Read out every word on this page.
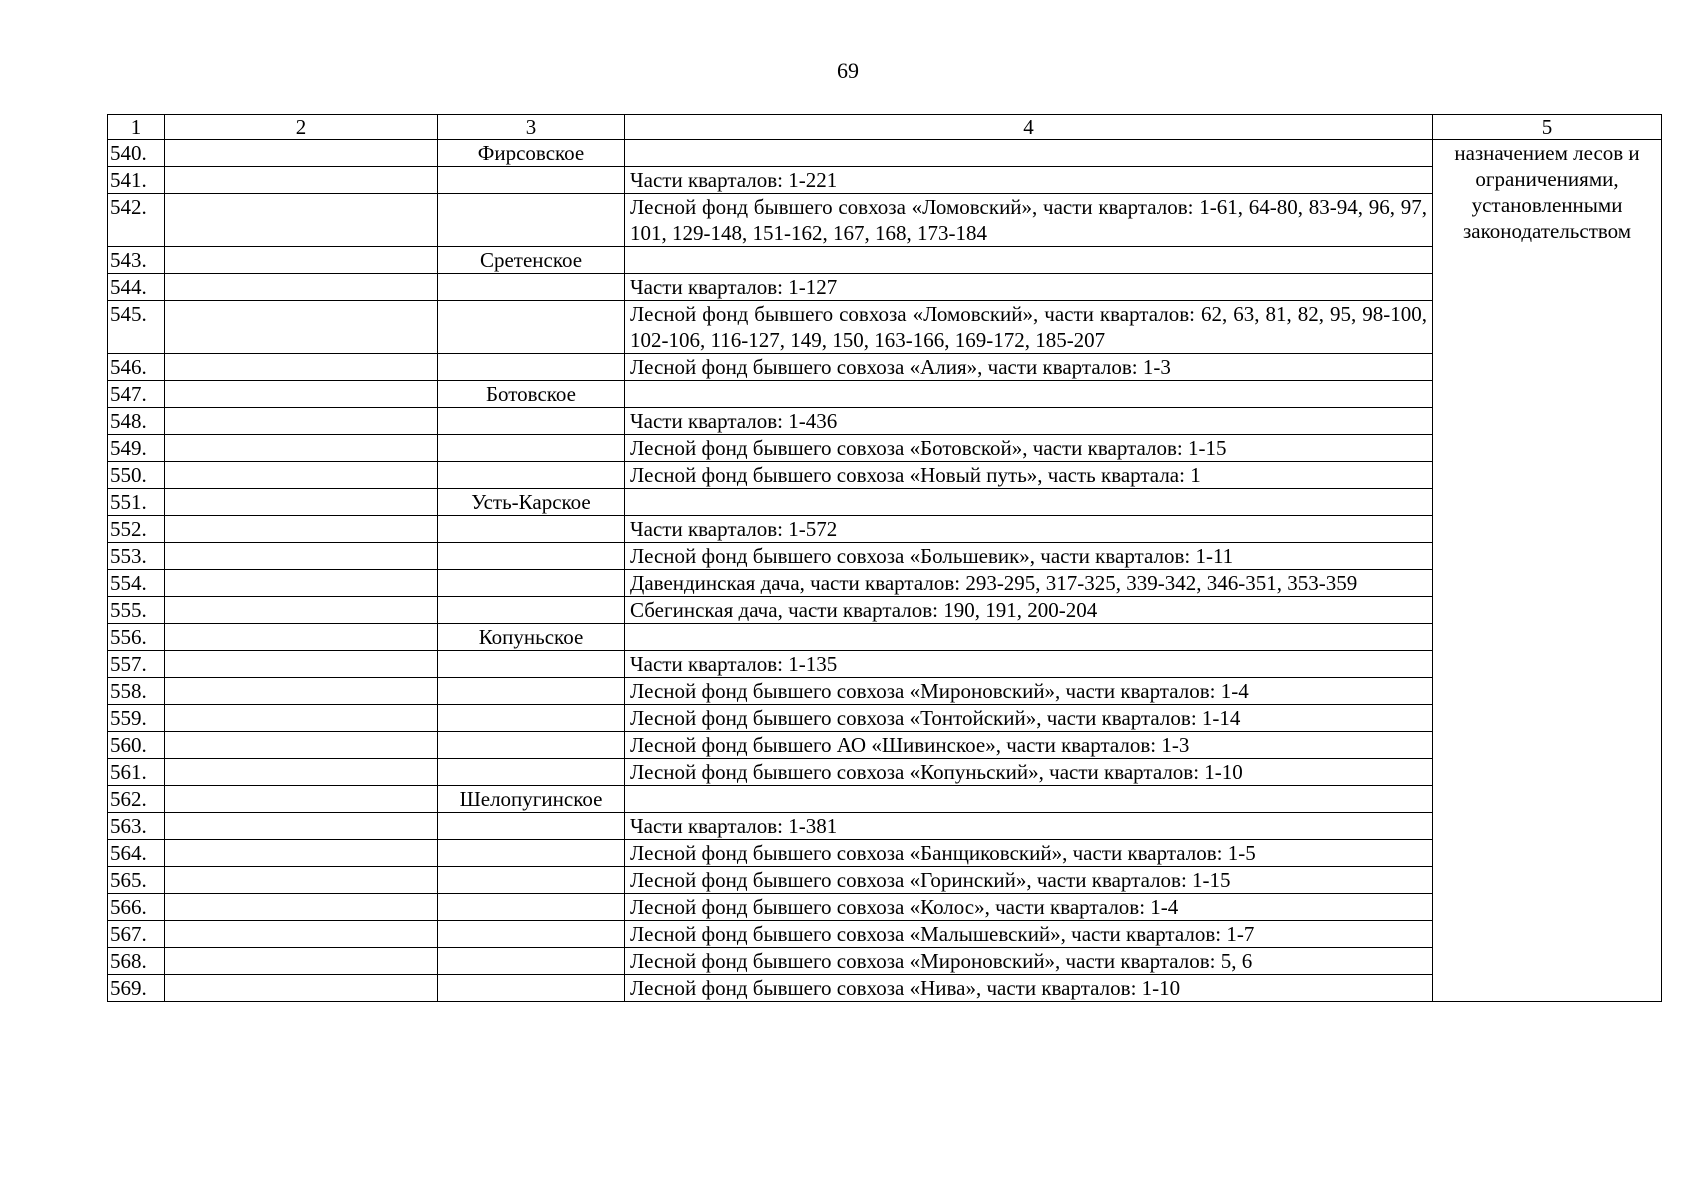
69
1	2	3	4	5
540.		Фирсовское		назначением лесов и ограничениями, установленными законодательством
541.			Части кварталов: 1-221	
542.			Лесной фонд бывшего совхоза «Ломовский», части кварталов: 1-61, 64-80, 83-94, 96, 97, 101, 129-148, 151-162, 167, 168, 173-184	
543.		Сретенское		
544.			Части кварталов: 1-127	
545.			Лесной фонд бывшего совхоза «Ломовский», части кварталов: 62, 63, 81, 82, 95, 98-100, 102-106, 116-127, 149, 150, 163-166, 169-172, 185-207	
546.			Лесной фонд бывшего совхоза «Алия», части кварталов: 1-3	
547.		Ботовское		
548.			Части кварталов: 1-436	
549.			Лесной фонд бывшего совхоза «Ботовской», части кварталов: 1-15	
550.			Лесной фонд бывшего совхоза «Новый путь», часть квартала: 1	
551.		Усть-Карское		
552.			Части кварталов: 1-572	
553.			Лесной фонд бывшего совхоза «Большевик», части кварталов: 1-11	
554.			Давендинская дача, части кварталов: 293-295, 317-325, 339-342, 346-351, 353-359	
555.			Сбегинская дача, части кварталов: 190, 191, 200-204	
556.		Копуньское		
557.			Части кварталов: 1-135	
558.			Лесной фонд бывшего совхоза «Мироновский», части кварталов: 1-4	
559.			Лесной фонд бывшего совхоза «Тонтойский», части кварталов: 1-14	
560.			Лесной фонд бывшего АО «Шивинское», части кварталов: 1-3	
561.			Лесной фонд бывшего совхоза «Копуньский», части кварталов: 1-10	
562.		Шелопугинское		
563.			Части кварталов: 1-381	
564.			Лесной фонд бывшего совхоза «Банщиковский», части кварталов: 1-5	
565.			Лесной фонд бывшего совхоза «Горинский», части кварталов: 1-15	
566.			Лесной фонд бывшего совхоза «Колос», части кварталов: 1-4	
567.			Лесной фонд бывшего совхоза «Малышевский», части кварталов: 1-7	
568.			Лесной фонд бывшего совхоза «Мироновский», части кварталов: 5, 6	
569.			Лесной фонд бывшего совхоза «Нива», части кварталов: 1-10	
